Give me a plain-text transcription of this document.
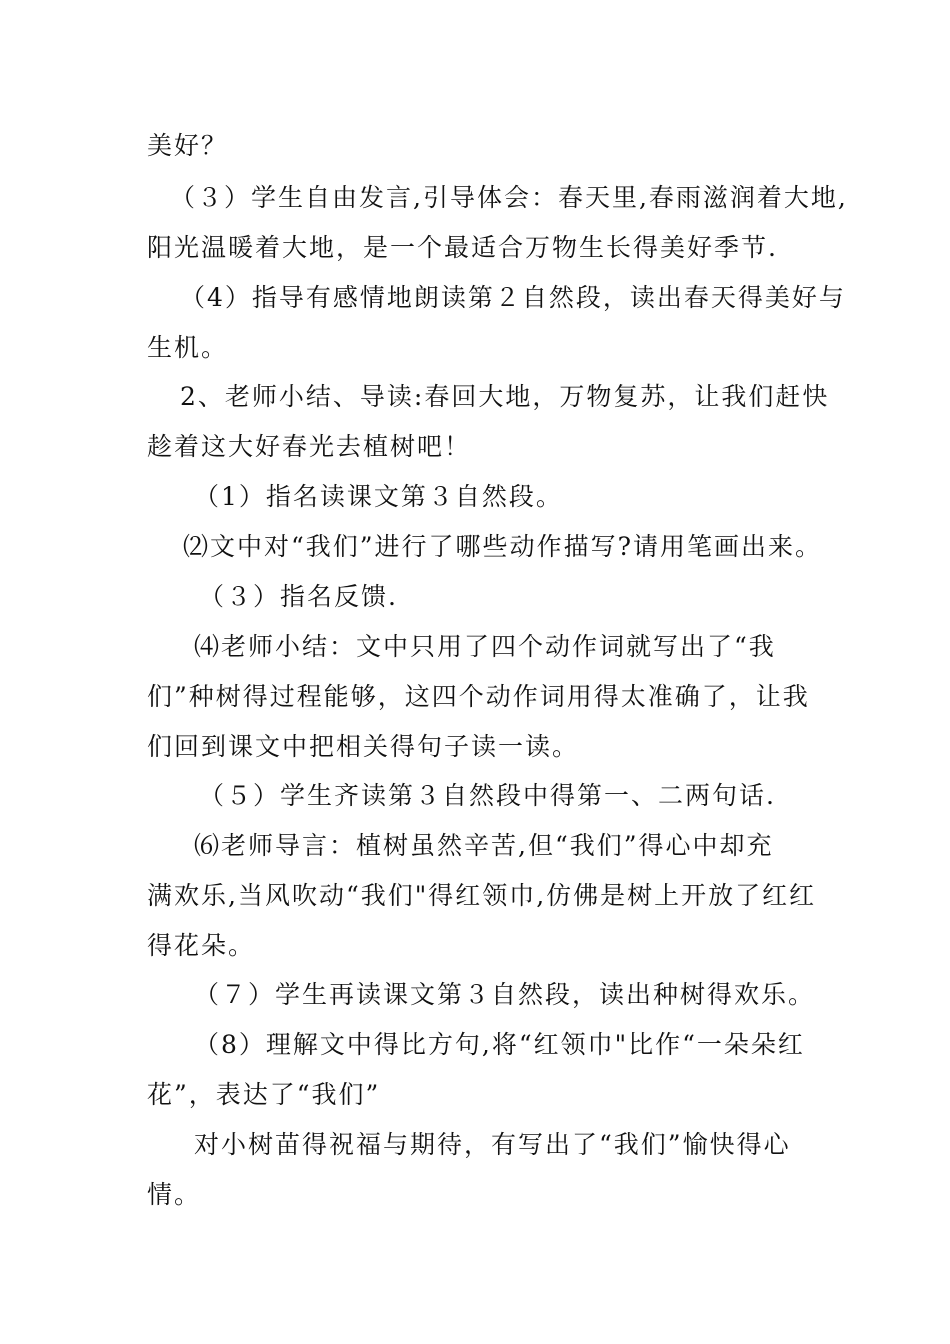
美好？
（３）学生自由发言,引导体会：春天里,春雨滋润着大地,
阳光温暖着大地，是一个最适合万物生长得美好季节.
（4）指导有感情地朗读第２自然段，读出春天得美好与
生机。
2、老师小结、导读:春回大地，万物复苏，让我们赶快
趁着这大好春光去植树吧！
（1）指名读课文第３自然段。
⑵文中对“我们”进行了哪些动作描写?请用笔画出来。
（３）指名反馈.
⑷老师小结：文中只用了四个动作词就写出了“我
们”种树得过程能够，这四个动作词用得太准确了，让我
们回到课文中把相关得句子读一读。
（５）学生齐读第３自然段中得第一、二两句话.
⑹老师导言：植树虽然辛苦,但“我们”得心中却充
满欢乐,当风吹动“我们"得红领巾,仿佛是树上开放了红红
得花朵。
（７）学生再读课文第３自然段，读出种树得欢乐。
（8）理解文中得比方句,将“红领巾"比作“一朵朵红
花”，表达了“我们”
对小树苗得祝福与期待，有写出了“我们”愉快得心
情。
